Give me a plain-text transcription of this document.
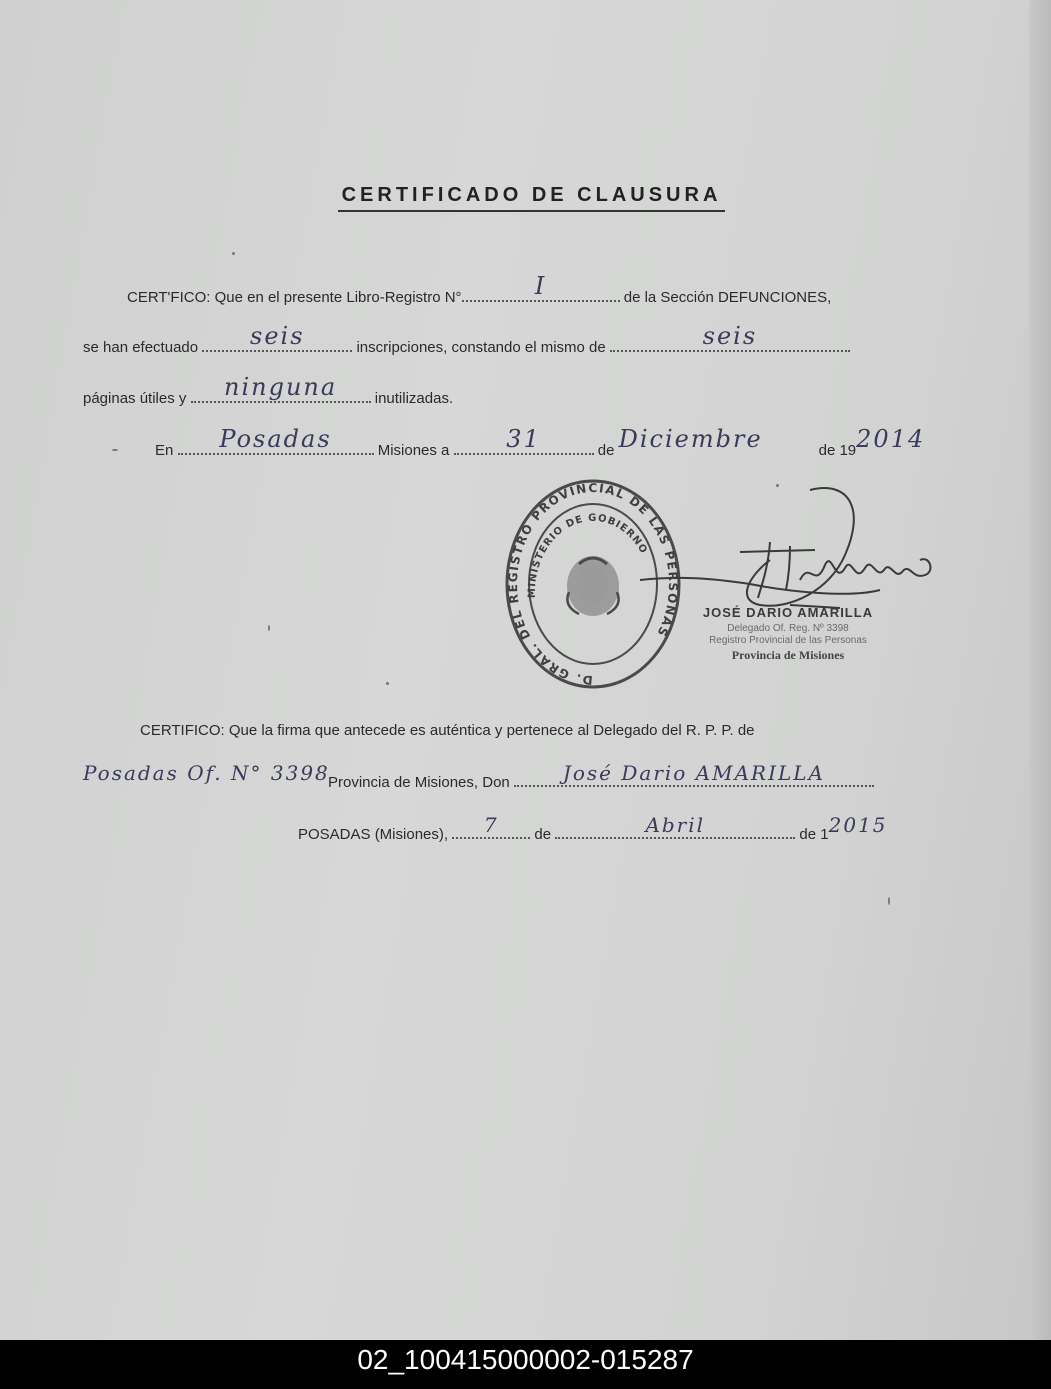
CERTIFICADO DE CLAUSURA
CERT'FICO: Que en el presente Libro-Registro N°	I	de la Sección DEFUNCIONES,
se han efectuado	seis	inscripciones, constando el mismo de	seis
páginas útiles y	ninguna	inutilizadas.
En	Posadas	Misiones a	31	de Diciembre	de 19 2014
D. GRAL. DEL REGISTRO PROVINCIAL DE LAS PERSONAS
MINISTERIO DE GOBIERNO
JOSÉ DARIO AMARILLA
Delegado Of. Reg. Nº 3398
Registro Provincial de las Personas
Provincia de Misiones
CERTIFICO: Que la firma que antecede es auténtica y pertenece al Delegado del R. P. P. de
Posadas Of. N° 3398
Provincia de Misiones, Don	José Dario AMARILLA
POSADAS (Misiones),	7	de	Abril	de 1 2015
02_100415000002-015287
